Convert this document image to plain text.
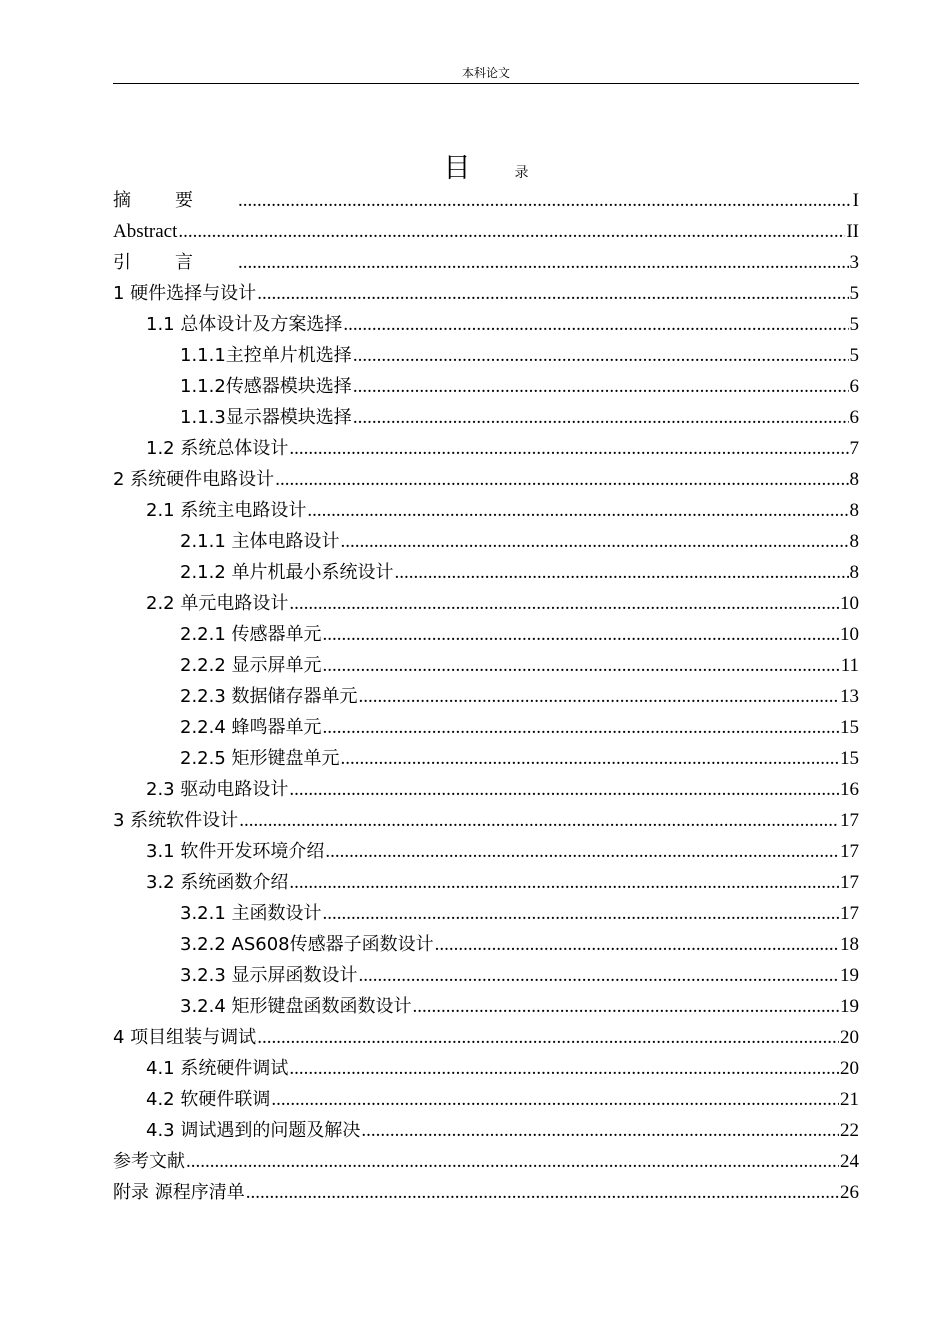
本科论文
目	录
摘要 .....	I
Abstract .....	II
引言 .....	3
1 硬件选择与设计 .....	5
1.1 总体设计及方案选择 .....	5
1.1.1主控单片机选择 .....	5
1.1.2传感器模块选择 .....	6
1.1.3显示器模块选择 .....	6
1.2 系统总体设计 .....	7
2 系统硬件电路设计 .....	8
2.1 系统主电路设计 .....	8
2.1.1 主体电路设计 .....	8
2.1.2 单片机最小系统设计 .....	8
2.2 单元电路设计 .....	10
2.2.1 传感器单元 .....	10
2.2.2 显示屏单元 .....	11
2.2.3 数据储存器单元 .....	13
2.2.4 蜂鸣器单元 .....	15
2.2.5 矩形键盘单元 .....	15
2.3 驱动电路设计 .....	16
3 系统软件设计 .....	17
3.1 软件开发环境介绍 .....	17
3.2 系统函数介绍 .....	17
3.2.1 主函数设计 .....	17
3.2.2 AS608传感器子函数设计 .....	18
3.2.3 显示屏函数设计 .....	19
3.2.4 矩形键盘函数函数设计 .....	19
4 项目组装与调试 .....	20
4.1 系统硬件调试 .....	20
4.2 软硬件联调 .....	21
4.3 调试遇到的问题及解决 .....	22
参考文献 .....	24
附录 源程序清单 .....	26
